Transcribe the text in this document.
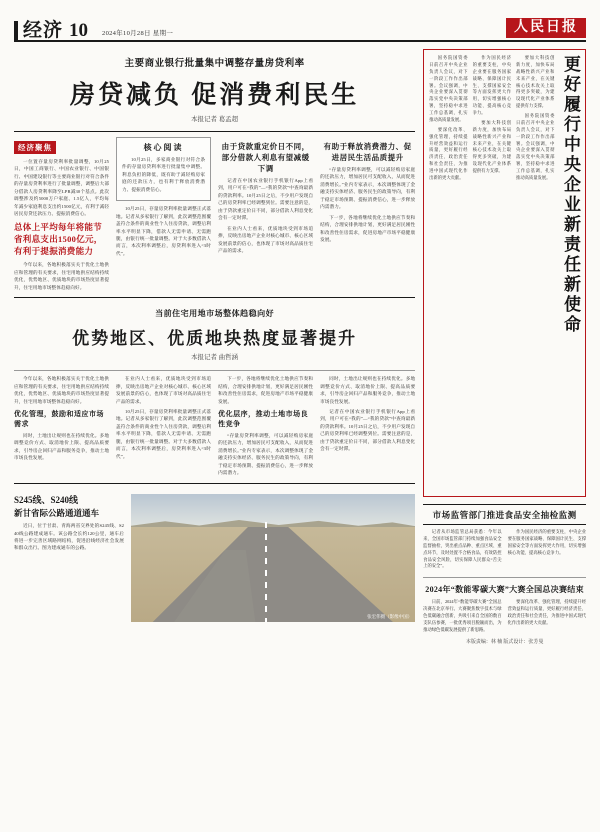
经济 10 2024年10月28日 星期一	人民日报
主要商业银行批量集中调整存量房贷利率
房贷减负 促消费利民生
本报记者 葛孟超
经济聚焦

一位置存量房贷利率批量调整，10月25日，中国工商银行、中国农业银行、中国银行、中国建设银行等主要商业银行对符合条件的存量房贷利率进行了批量调整，调整后大部分借款人房贷利率降至LPR减30个基点。此次调整涉及约5000万户家庭、1.5亿人，平均每年减少家庭利息支出约1500亿元，有利于减轻居民房贷还款压力、提振消费信心。

总体上平均每年将能节省利息支出1500亿元，有利于提振消费能力

今年以来，各地积极落实关于优化土地供应和管理的有关要求，住宅用地供应结构持续优化，优势地区、优质地块的市场热度显著提升，住宅用地市场整体趋稳向好。

核心阅读

10月25日，多家商业银行对符合条件的存量房贷利率进行批量集中调整。利息负担的降低，既有助于减轻购房家庭的还款压力，也有利于释放消费潜力、提振消费信心。

10月25日，存量房贷利率批量调整正式落地。记者从多家银行了解到，此次调整范围覆盖符合条件的商业性个人住房贷款，调整后利率水平明显下降，借款人无需申请、无需跑腿，由银行统一批量调整。对于大多数借款人而言，本次利率调整后，房贷利率进入“3时代”。

由于贷款重定价日不同，部分借款人利息有望减缓下调

记者在中国农业银行手机银行App上看到，用户可在“我的”—“我的贷款”中查询最新的贷款利率。10月25日之后，不少用户发现自己的房贷利率已经调整到位。需要注意的是，由于贷款重定价日不同，部分借款人利息变化会有一定时滞。

在业内人士看来，优质地块受到市场追捧，反映出房地产企业对核心城市、核心区域发展前景的信心，也体现了市场对高品质住宅产品的需求。

有助于释放消费潜力、促进居民生活品质提升

“存量房贷利率调整，可以减轻购房家庭的还款压力，增加居民可支配收入，从而促进消费增长。”业内专家表示，本次调整体现了金融支持实体经济、服务民生的政策导向，有利于稳定市场预期、提振消费信心，进一步释放内需潜力。

下一步，各地将继续优化土地供应节奏和结构，合理安排供地计划，更好满足居民刚性和改善性住房需求，促进房地产市场平稳健康发展。

当前住宅用地市场整体趋稳向好
优势地区、优质地块热度显著提升
本报记者 曲哲涵

今年以来，各地积极落实关于优化土地供应和管理的有关要求，住宅用地供应结构持续优化，优势地区、优质地块的市场热度显著提升，住宅用地市场整体趋稳向好。

优化管理，鼓励和适应市场需求

同时，土地出让规则也在持续优化。多地调整竞价方式、取消地价上限、提高品质要求，引导房企回归产品和服务竞争，推动土地市场良性发展。

在业内人士看来，优质地块受到市场追捧，反映出房地产企业对核心城市、核心区域发展前景的信心，也体现了市场对高品质住宅产品的需求。

10月25日，存量房贷利率批量调整正式落地。记者从多家银行了解到，此次调整范围覆盖符合条件的商业性个人住房贷款，调整后利率水平明显下降，借款人无需申请、无需跑腿，由银行统一批量调整。对于大多数借款人而言，本次利率调整后，房贷利率进入“3时代”。

下一步，各地将继续优化土地供应节奏和结构，合理安排供地计划，更好满足居民刚性和改善性住房需求，促进房地产市场平稳健康发展。

优化层序，推动土地市场良性竞争

“存量房贷利率调整，可以减轻购房家庭的还款压力，增加居民可支配收入，从而促进消费增长。”业内专家表示，本次调整体现了金融支持实体经济、服务民生的政策导向，有利于稳定市场预期、提振消费信心，进一步释放内需潜力。

同时，土地出让规则也在持续优化。多地调整竞价方式、取消地价上限、提高品质要求，引导房企回归产品和服务竞争，推动土地市场良性发展。

记者在中国农业银行手机银行App上看到，用户可在“我的”—“我的贷款”中查询最新的贷款利率。10月25日之后，不少用户发现自己的房贷利率已经调整到位。需要注意的是，由于贷款重定价日不同，部分借款人利息变化会有一定时滞。

S245线、S240线
新甘省际公路通道通车

近日，位于甘肃、青海两省交界处的S245线、S240线公路建成通车。该公路全长约120公里，通车后将进一步完善区域路网结构，促进沿线经济社会发展和群众出行。图为建成通车的公路。

张宏伟摄（影像中国）

国务院国资委日前召开中央企业负责人会议，对下一阶段工作作出部署。会议强调，中央企业要深入贯彻落实党中央决策部署，坚持稳中求进工作总基调，扎实推动高质量发展。

要深化改革、强化管理，持续提升经营效益和运行质量，更好履行经济责任、政治责任和社会责任，为推进中国式现代化作出新的更大贡献。

作为国民经济的重要支柱，中央企业要在服务国家战略、保障国计民生、支撑国家安全等方面发挥更大作用，切实增强核心功能、提高核心竞争力。

要加大科技创新力度，加快布局战略性新兴产业和未来产业，在关键核心技术攻关上取得更多突破，为建设现代化产业体系提供有力支撑。

要加大科技创新力度，加快布局战略性新兴产业和未来产业，在关键核心技术攻关上取得更多突破，为建设现代化产业体系提供有力支撑。

国务院国资委日前召开中央企业负责人会议，对下一阶段工作作出部署。会议强调，中央企业要深入贯彻落实党中央决策部署，坚持稳中求进工作总基调，扎实推动高质量发展。 更好履行中央企业新责任新使命
市场监管部门推进食品安全抽检监测

记者从市场监管总局获悉：今年以来，全国市场监管部门持续加强食品安全监督抽检，突出重点品种、重点区域、重点环节，及时处置不合格食品，有效防控食品安全风险，切实保障人民群众“舌尖上的安全”。

作为国民经济的重要支柱，中央企业要在服务国家战略、保障国计民生、支撑国家安全等方面发挥更大作用，切实增强核心功能、提高核心竞争力。

2024年“数能零碳大赛”大赛全国总决赛结束

日前，2024年“数能零碳大赛”全国总决赛在北京举行。大赛聚焦数字技术与绿色低碳融合创新，共吸引来自全国的数百支队伍参赛，一批优秀项目脱颖而出，为推动绿色低碳发展提供了新思路。

要深化改革、强化管理，持续提升经营效益和运行质量，更好履行经济责任、政治责任和社会责任，为推进中国式现代化作出新的更大贡献。

本版责编：林 楠 版式设计：张芳曼
